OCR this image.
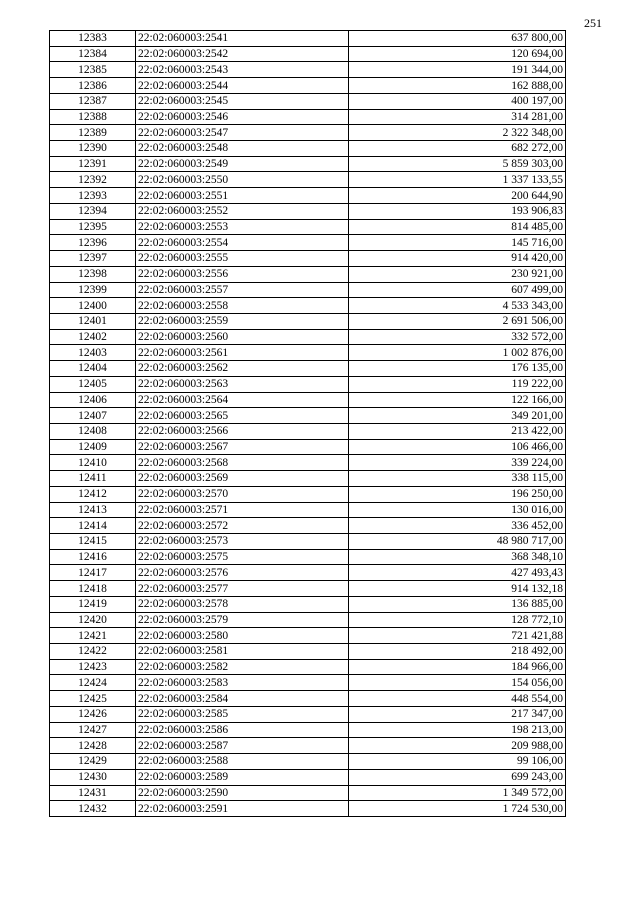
251
12383	22:02:060003:2541	637 800,00
12384	22:02:060003:2542	120 694,00
12385	22:02:060003:2543	191 344,00
12386	22:02:060003:2544	162 888,00
12387	22:02:060003:2545	400 197,00
12388	22:02:060003:2546	314 281,00
12389	22:02:060003:2547	2 322 348,00
12390	22:02:060003:2548	682 272,00
12391	22:02:060003:2549	5 859 303,00
12392	22:02:060003:2550	1 337 133,55
12393	22:02:060003:2551	200 644,90
12394	22:02:060003:2552	193 906,83
12395	22:02:060003:2553	814 485,00
12396	22:02:060003:2554	145 716,00
12397	22:02:060003:2555	914 420,00
12398	22:02:060003:2556	230 921,00
12399	22:02:060003:2557	607 499,00
12400	22:02:060003:2558	4 533 343,00
12401	22:02:060003:2559	2 691 506,00
12402	22:02:060003:2560	332 572,00
12403	22:02:060003:2561	1 002 876,00
12404	22:02:060003:2562	176 135,00
12405	22:02:060003:2563	119 222,00
12406	22:02:060003:2564	122 166,00
12407	22:02:060003:2565	349 201,00
12408	22:02:060003:2566	213 422,00
12409	22:02:060003:2567	106 466,00
12410	22:02:060003:2568	339 224,00
12411	22:02:060003:2569	338 115,00
12412	22:02:060003:2570	196 250,00
12413	22:02:060003:2571	130 016,00
12414	22:02:060003:2572	336 452,00
12415	22:02:060003:2573	48 980 717,00
12416	22:02:060003:2575	368 348,10
12417	22:02:060003:2576	427 493,43
12418	22:02:060003:2577	914 132,18
12419	22:02:060003:2578	136 885,00
12420	22:02:060003:2579	128 772,10
12421	22:02:060003:2580	721 421,88
12422	22:02:060003:2581	218 492,00
12423	22:02:060003:2582	184 966,00
12424	22:02:060003:2583	154 056,00
12425	22:02:060003:2584	448 554,00
12426	22:02:060003:2585	217 347,00
12427	22:02:060003:2586	198 213,00
12428	22:02:060003:2587	209 988,00
12429	22:02:060003:2588	99 106,00
12430	22:02:060003:2589	699 243,00
12431	22:02:060003:2590	1 349 572,00
12432	22:02:060003:2591	1 724 530,00
